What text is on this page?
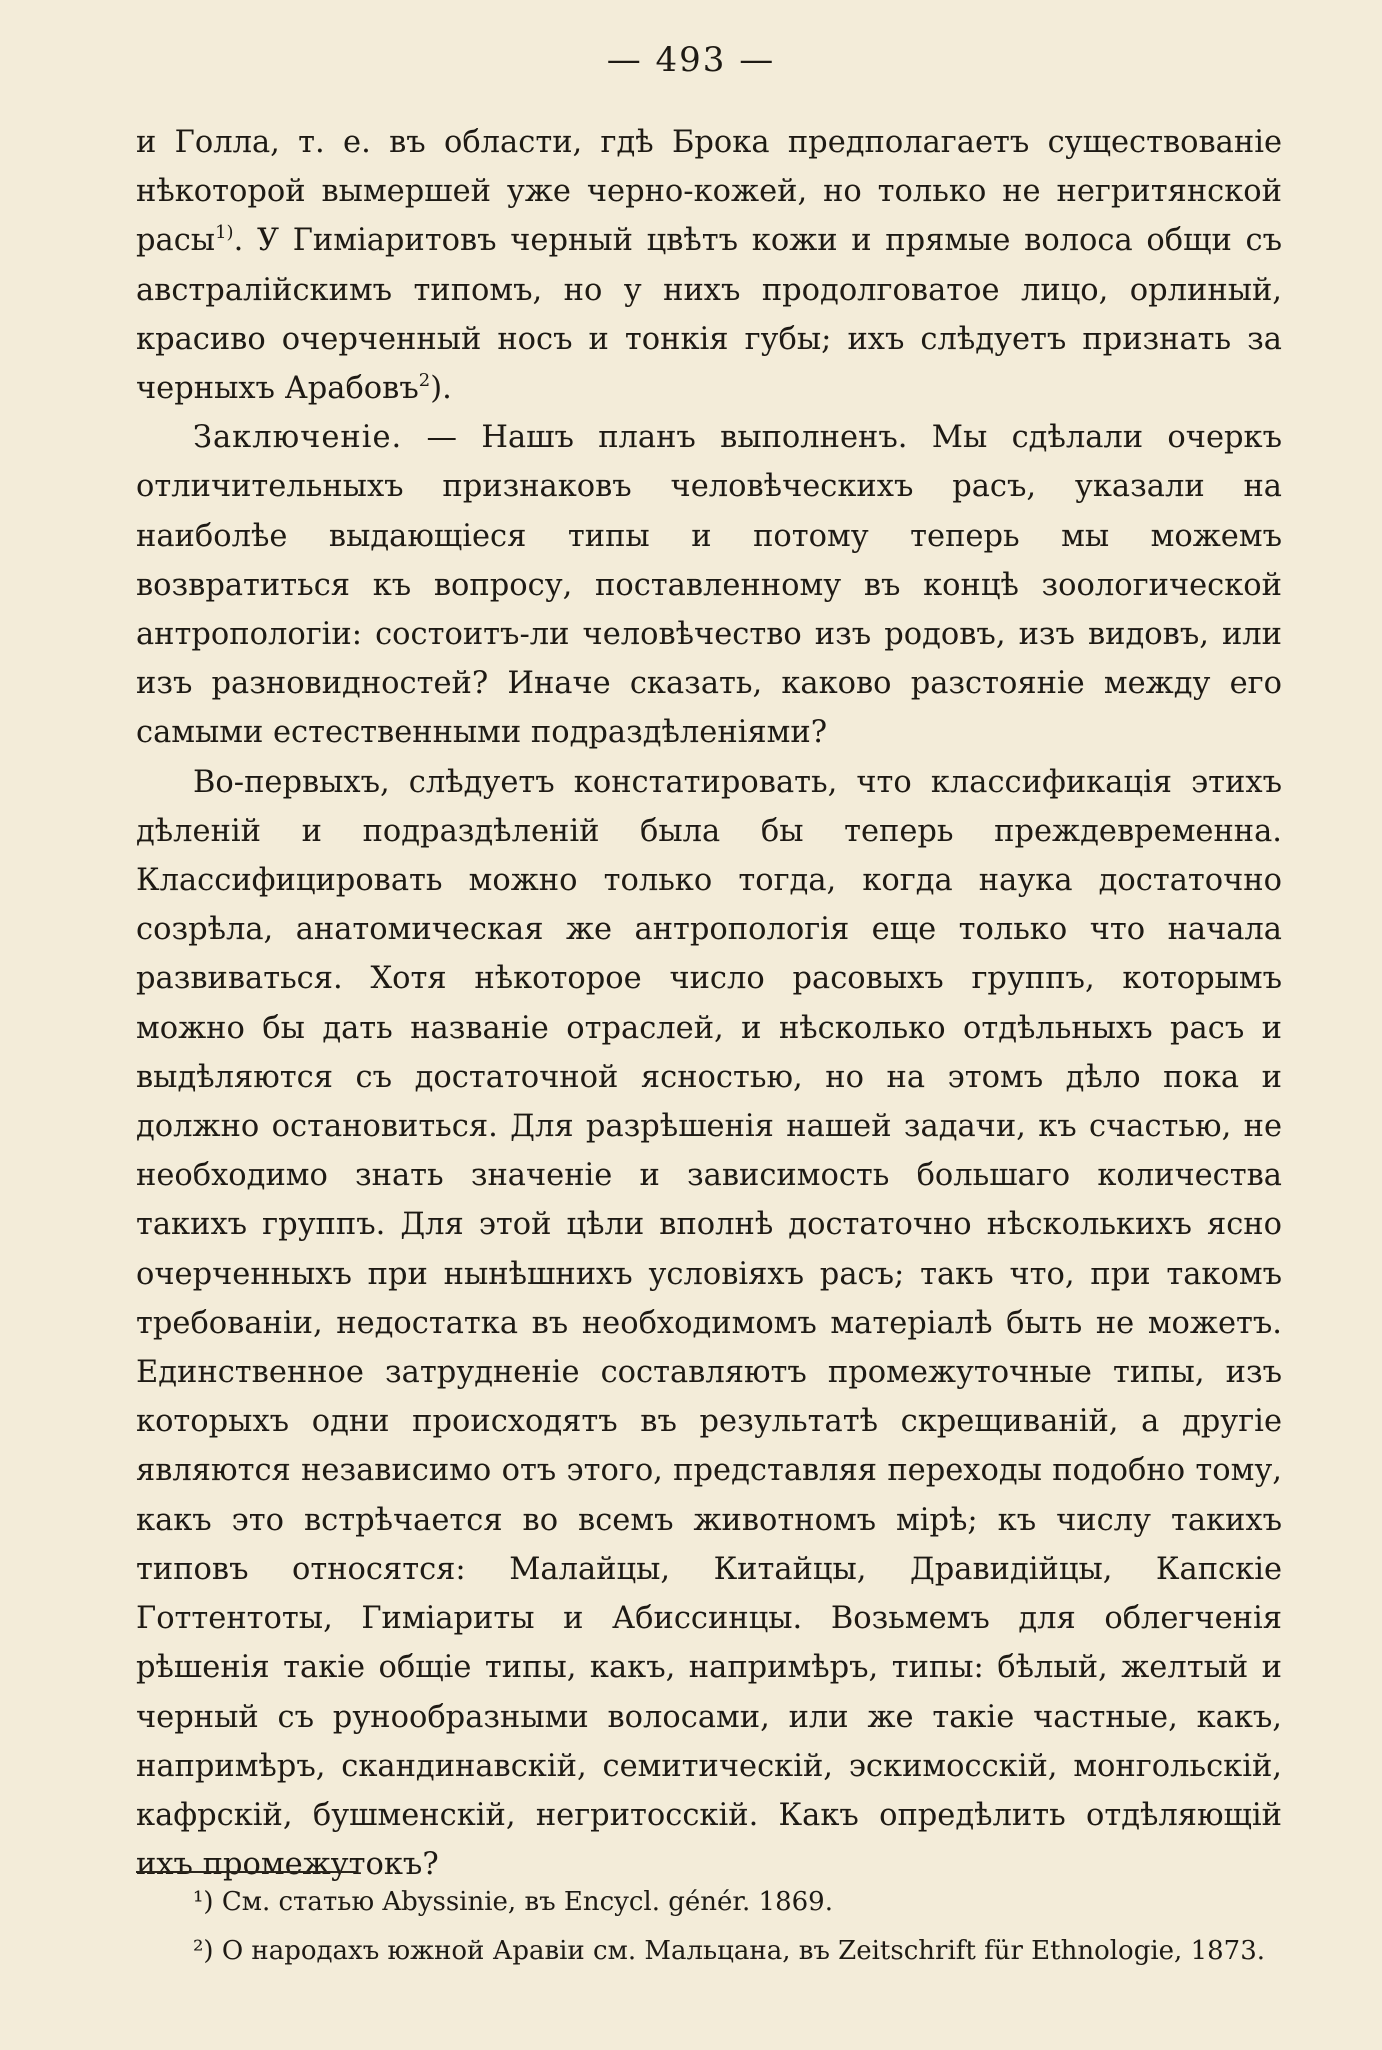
— 493 —

и Голла, т. е. въ области, гдѣ Брока предполагаетъ существованіе нѣкоторой вымершей уже черно-кожей, но только не негритянской расы$^{1)}$. У Гиміаритовъ черный цвѣтъ кожи и прямые волоса общи съ австралійскимъ типомъ, но у нихъ продолговатое лицо, орлиный, красиво очерченный носъ и тонкія губы; ихъ слѣдуетъ признать за черныхъ Арабовъ$^2$).

Заключеніе. — Нашъ планъ выполненъ. Мы сдѣлали очеркъ отличительныхъ признаковъ человѣческихъ расъ, указали на наиболѣе выдающіеся типы и потому теперь мы можемъ возвратиться къ вопросу, поставленному въ концѣ зоологической антропологіи: состоитъ-ли человѣчество изъ родовъ, изъ видовъ, или изъ разновидностей? Иначе сказать, каково разстояніе между его самыми естественными подраздѣленіями?

Во-первыхъ, слѣдуетъ констатировать, что классификація этихъ дѣленій и подраздѣленій была бы теперь преждевременна. Классифицировать можно только тогда, когда наука достаточно созрѣла, анатомическая же антропологія еще только что начала развиваться. Хотя нѣкоторое число расовыхъ группъ, которымъ можно бы дать названіе отраслей, и нѣсколько отдѣльныхъ расъ и выдѣляются съ достаточной ясностью, но на этомъ дѣло пока и должно остановиться. Для разрѣшенія нашей задачи, къ счастью, не необходимо знать значеніе и зависимость большаго количества такихъ группъ. Для этой цѣли вполнѣ достаточно нѣсколькихъ ясно очерченныхъ при нынѣшнихъ условіяхъ расъ; такъ что, при такомъ требованіи, недостатка въ необходимомъ матеріалѣ быть не можетъ. Единственное затрудненіе составляютъ промежуточные типы, изъ которыхъ одни происходятъ въ результатѣ скрещиваній, а другіе являются независимо отъ этого, представляя переходы подобно тому, какъ это встрѣчается во всемъ животномъ мірѣ; къ числу такихъ типовъ относятся: Малайцы, Китайцы, Дравидійцы, Капскіе Готтентоты, Гиміариты и Абиссинцы. Возьмемъ для облегченія рѣшенія такіе общіе типы, какъ, напримѣръ, типы: бѣлый, желтый и черный съ рунообразными волосами, или же такіе частные, какъ, напримѣръ, скандинавскій, семитическій, эскимосскій, монгольскій, кафрскій, бушменскій, негритосскій. Какъ опредѣлить отдѣляющій ихъ промежутокъ?

¹) См. статью Abyssinie, въ Encycl. génér. 1869.

²) О народахъ южной Аравіи см. Мальцана, въ Zeitschrift für Ethnologie, 1873.
